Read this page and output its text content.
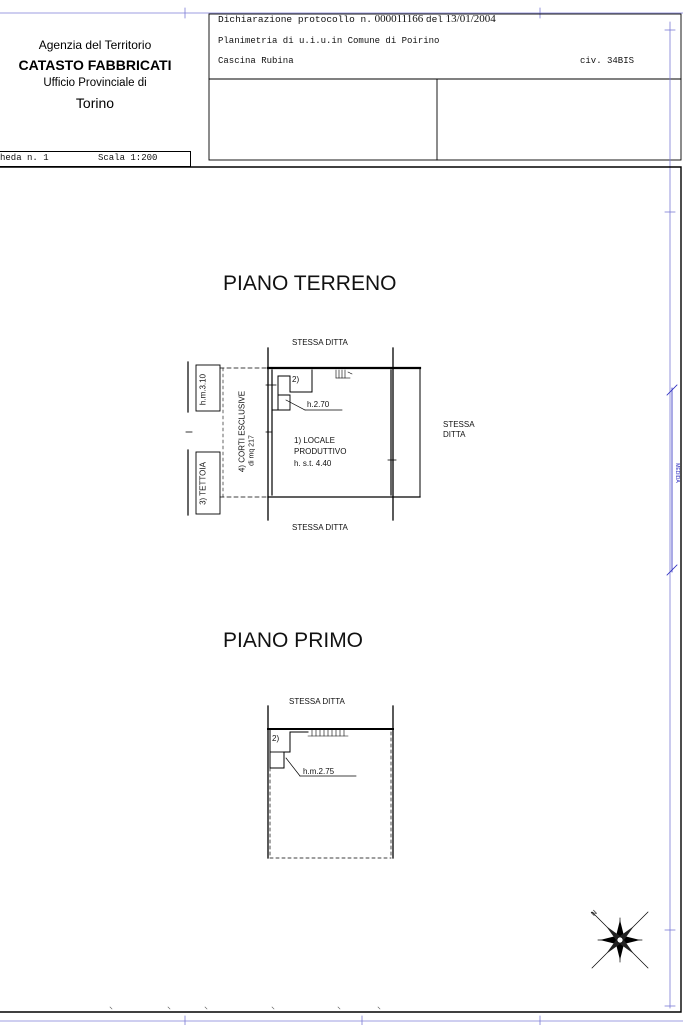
Agenzia del Territorio
CATASTO FABBRICATI
Ufficio Provinciale di
Torino
heda n. 1	Scala 1:200
Dichiarazione protocollo n. 000011166 del 13/01/2004
Planimetria di u.i.u.in Comune di Poirino
Cascina Rubina	civ. 34BIS
PIANO TERRENO
STESSA DITTA
STESSA DITTA
STESSA
DITTA
1) LOCALE
PRODUTTIVO
h. s.t. 4.40
2)
h.2.70
4) CORTI ESCLUSIVE di mq 217
3) TETTOIA
h.m.3.10
PIANO PRIMO
STESSA DITTA
2)
h.m.2.75
MEDIDA
N
